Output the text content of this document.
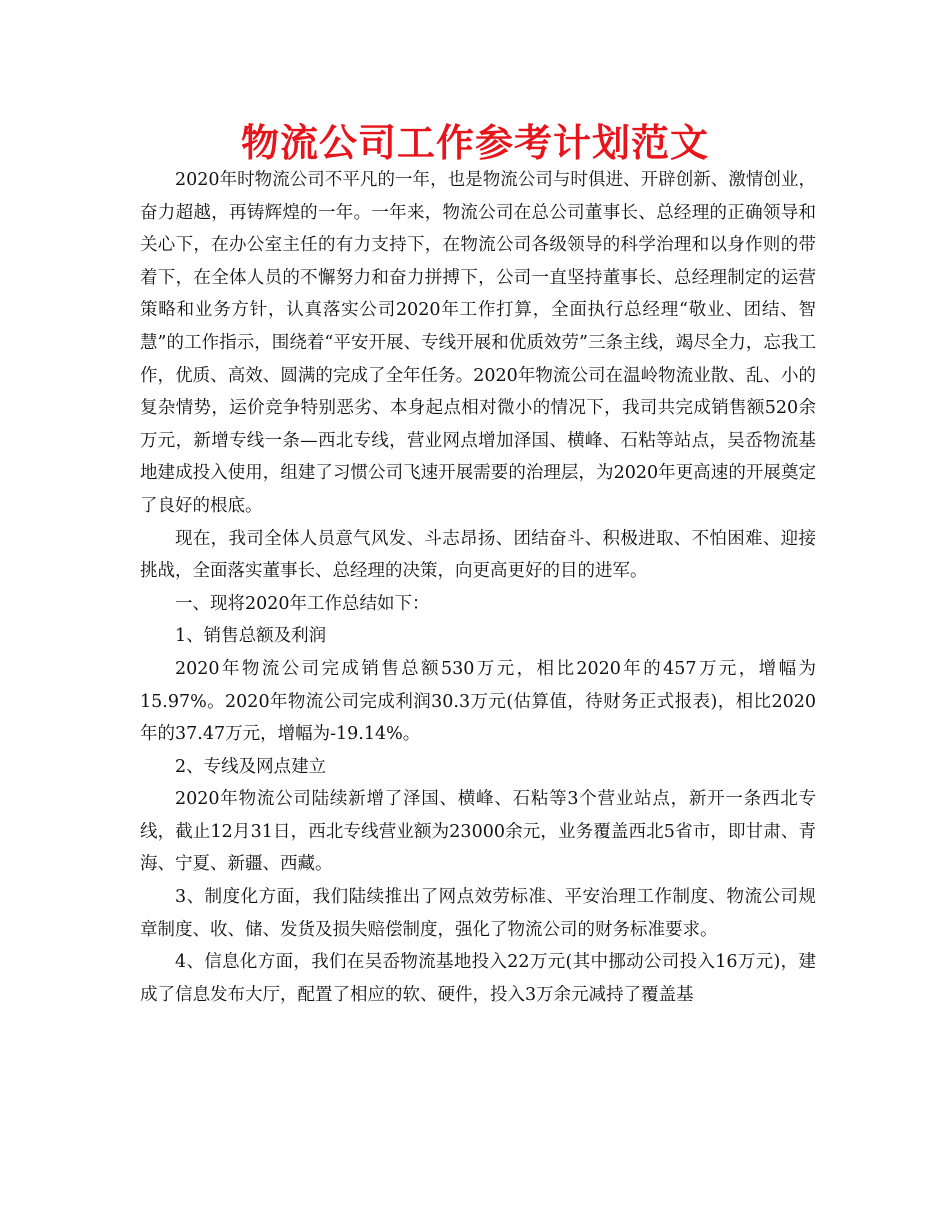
物流公司工作参考计划范文

2020年时物流公司不平凡的一年，也是物流公司与时俱进、开辟创新、激情创业，奋力超越，再铸辉煌的一年。一年来，物流公司在总公司董事长、总经理的正确领导和关心下，在办公室主任的有力支持下，在物流公司各级领导的科学治理和以身作则的带着下，在全体人员的不懈努力和奋力拼搏下，公司一直坚持董事长、总经理制定的运营策略和业务方针，认真落实公司2020年工作打算，全面执行总经理“敬业、团结、智慧”的工作指示，围绕着“平安开展、专线开展和优质效劳”三条主线，竭尽全力，忘我工作，优质、高效、圆满的完成了全年任务。2020年物流公司在温岭物流业散、乱、小的复杂情势，运价竞争特别恶劣、本身起点相对微小的情况下，我司共完成销售额520余万元，新增专线一条—西北专线，营业网点增加泽国、横峰、石粘等站点，吴岙物流基地建成投入使用，组建了习惯公司飞速开展需要的治理层，为2020年更高速的开展奠定了良好的根底。

现在，我司全体人员意气风发、斗志昂扬、团结奋斗、积极进取、不怕困难、迎接挑战，全面落实董事长、总经理的决策，向更高更好的目的进军。

一、现将2020年工作总结如下：

1、销售总额及利润

2020年物流公司完成销售总额530万元，相比2020年的457万元，增幅为15.97%。2020年物流公司完成利润30.3万元(估算值，待财务正式报表)，相比2020年的37.47万元，增幅为-19.14%。

2、专线及网点建立

2020年物流公司陆续新增了泽国、横峰、石粘等3个营业站点，新开一条西北专线，截止12月31日，西北专线营业额为23000余元，业务覆盖西北5省市，即甘肃、青海、宁夏、新疆、西藏。

3、制度化方面，我们陆续推出了网点效劳标准、平安治理工作制度、物流公司规章制度、收、储、发货及损失赔偿制度，强化了物流公司的财务标准要求。

4、信息化方面，我们在吴岙物流基地投入22万元(其中挪动公司投入16万元)，建成了信息发布大厅，配置了相应的软、硬件，投入3万余元减持了覆盖基
